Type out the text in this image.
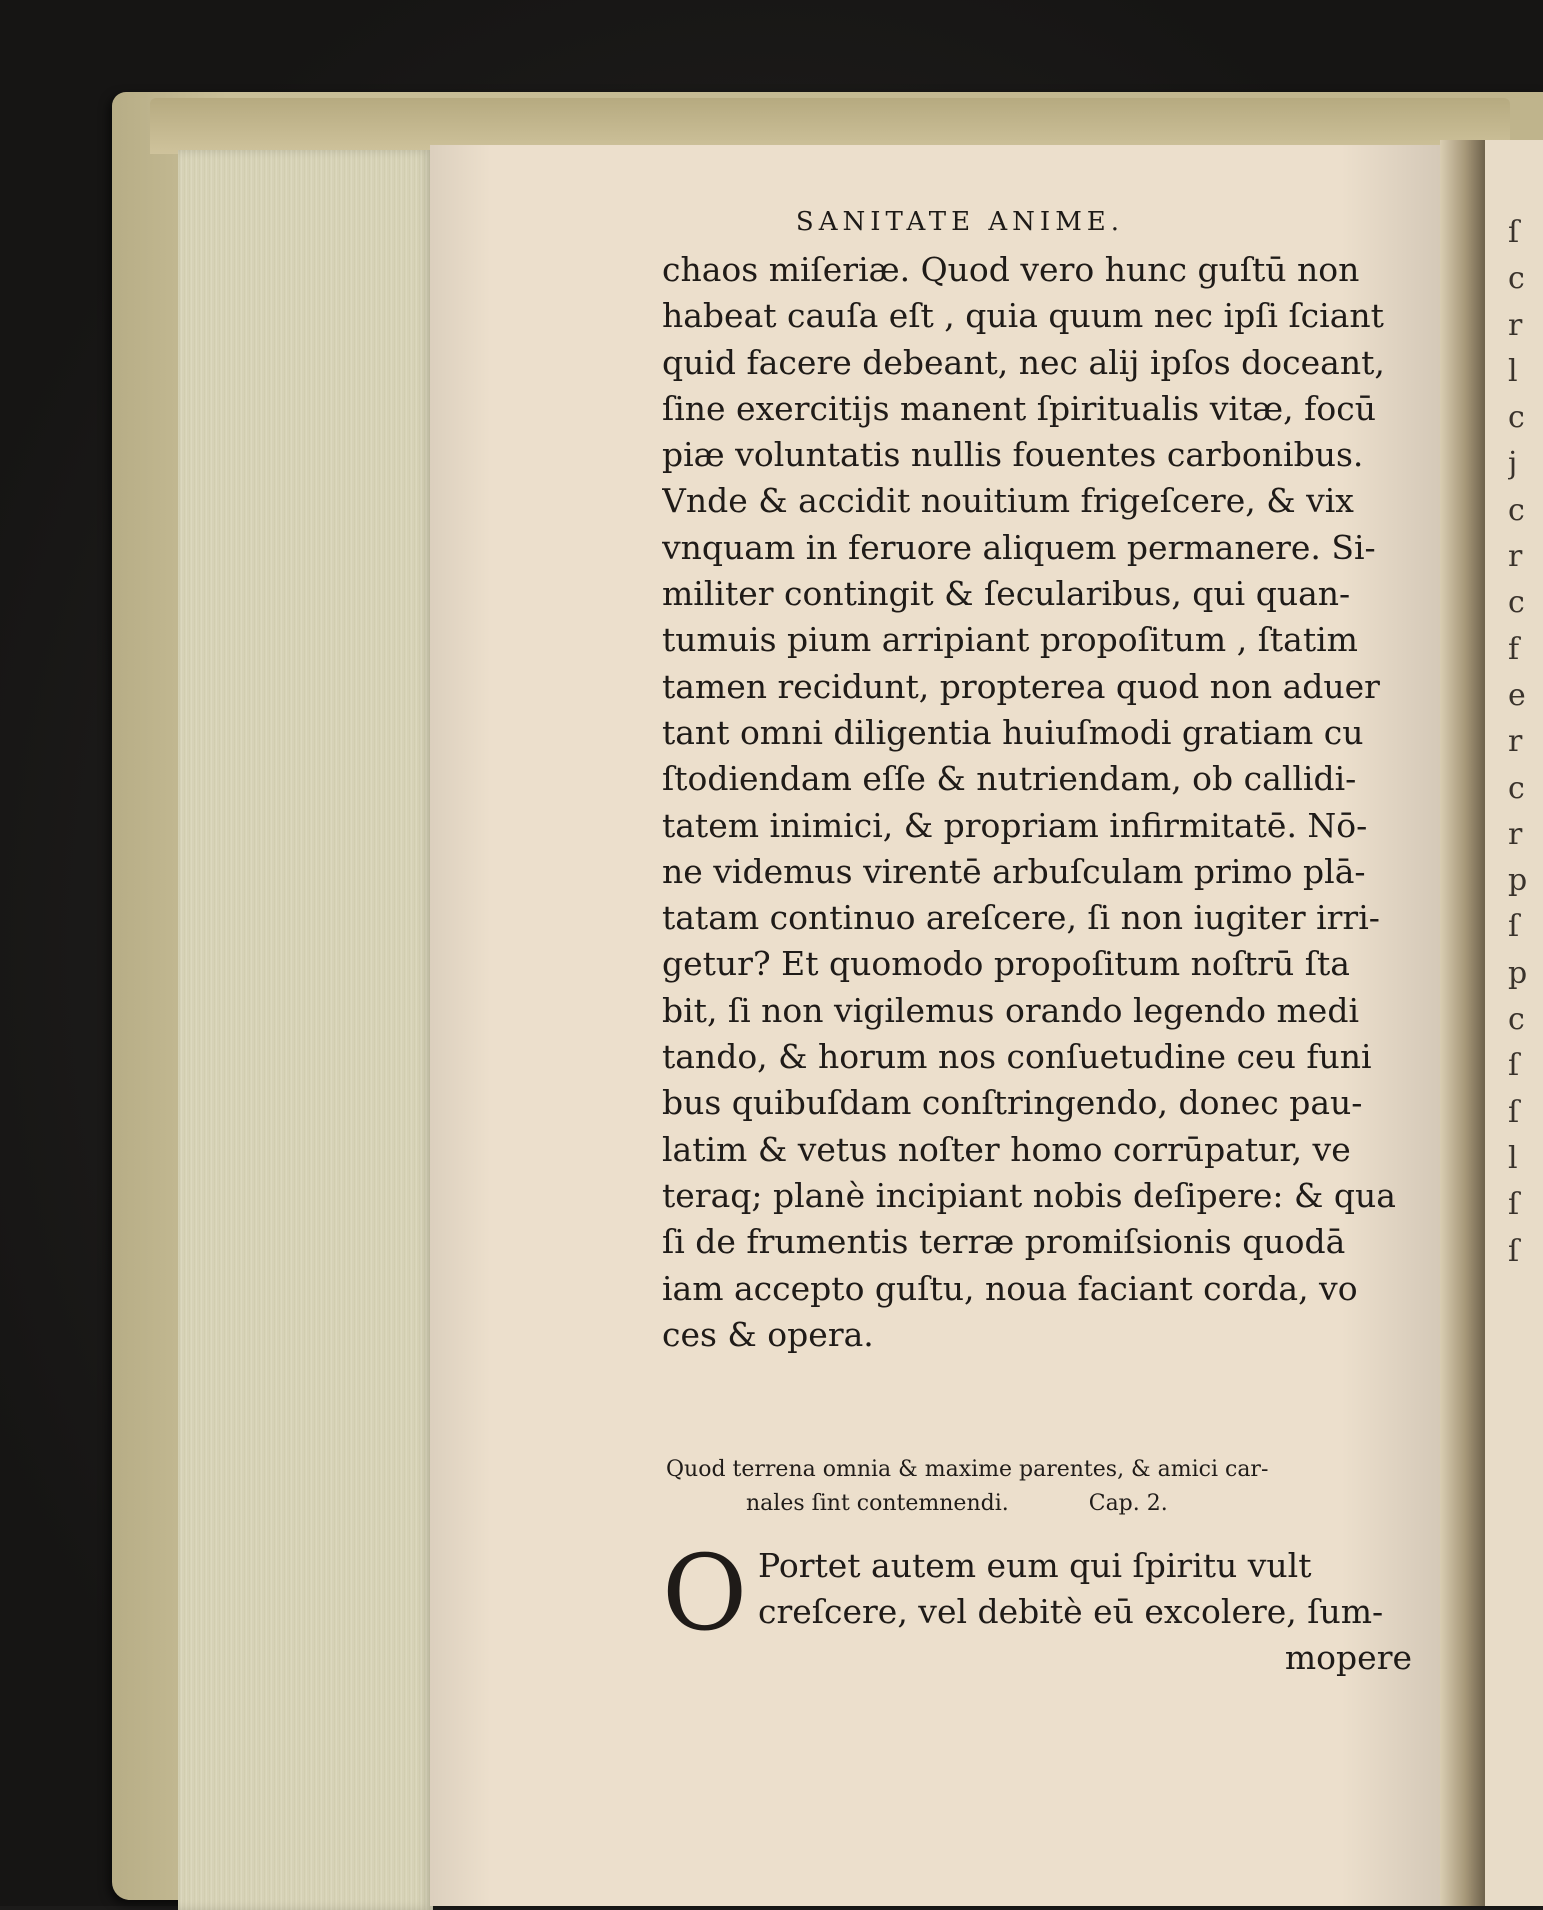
SANITATE ANIME.
chaos miſeriæ. Quod vero hunc guſtū non
habeat cauſa eſt , quia quum nec ipſi ſciant
quid facere debeant, nec alij ipſos doceant,
ſine exercitijs manent ſpiritualis vitæ, focū
piæ voluntatis nullis fouentes carbonibus.
Vnde & accidit nouitium frigeſcere, & vix
vnquam in feruore aliquem permanere. Si-
militer contingit & ſecularibus, qui quan-
tumuis pium arripiant propoſitum , ſtatim
tamen recidunt, propterea quod non aduer
tant omni diligentia huiuſmodi gratiam cu
ſtodiendam eſſe & nutriendam, ob callidi-
tatem inimici, & propriam infirmitatē. Nō-
ne videmus virentē arbuſculam primo plā-
tatam continuo areſcere, ſi non iugiter irri-
getur? Et quomodo propoſitum noſtrū ſta
bit, ſi non vigilemus orando legendo medi
tando, & horum nos conſuetudine ceu funi
bus quibuſdam conſtringendo, donec pau-
latim & vetus noſter homo corrūpatur, ve
teraq; planè incipiant nobis deſipere: & qua
ſi de frumentis terræ promiſsionis quodā
iam accepto guſtu, noua faciant corda, vo
ces & opera.
Quod terrena omnia & maxime parentes, & amici car-
nales ſint contemnendi.	Cap. 2.
O Portet autem eum qui ſpiritu vult
creſcere, vel debitè eū excolere, ſum-
mopere
ſ
c
r
l
c
j
c
r
c
f
e
r
c
r
p
ſ
p
c
ſ
ſ
l
ſ
ſ
